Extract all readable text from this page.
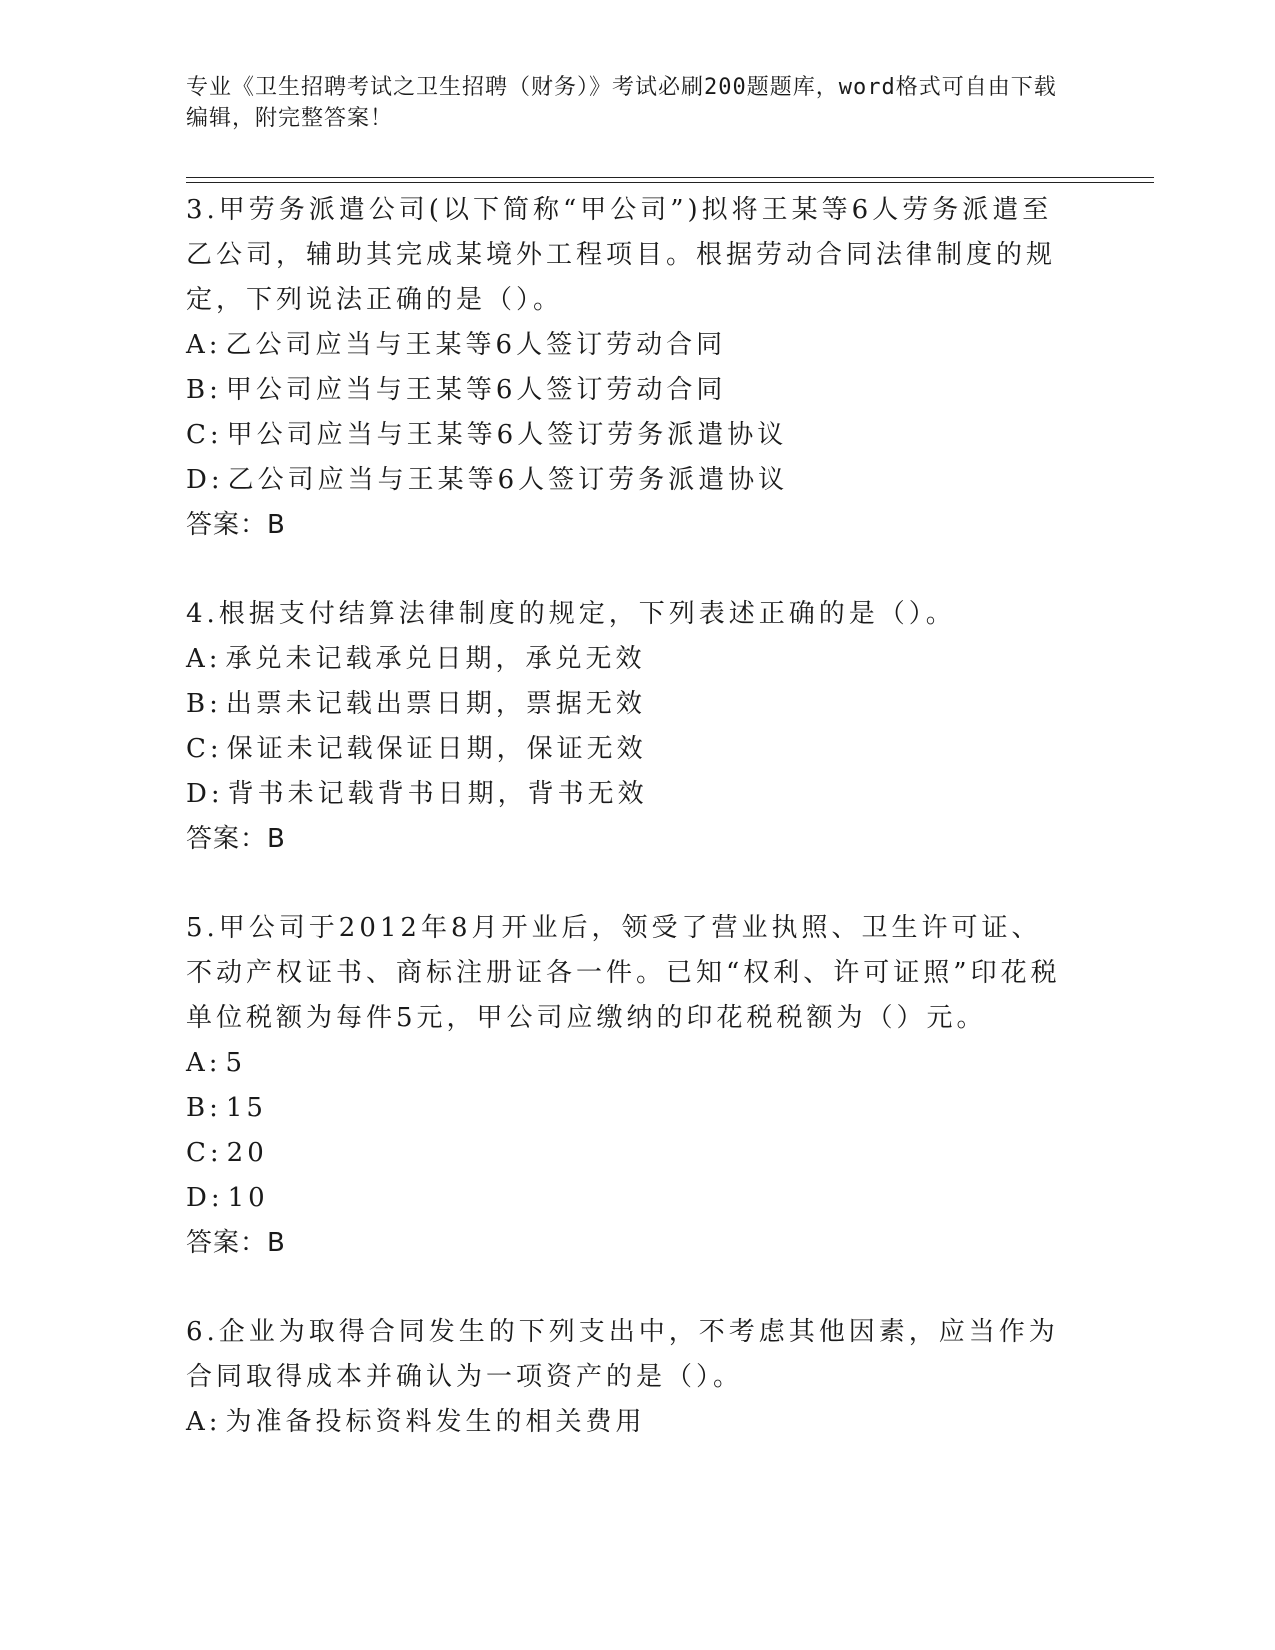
专业《卫生招聘考试之卫生招聘（财务）》考试必刷200题题库，word格式可自由下载编辑，附完整答案！

3.甲劳务派遣公司(以下简称“甲公司”)拟将王某等6人劳务派遣至乙公司，辅助其完成某境外工程项目。根据劳动合同法律制度的规定，下列说法正确的是（）。

A: 乙公司应当与王某等6人签订劳动合同
B: 甲公司应当与王某等6人签订劳动合同
C: 甲公司应当与王某等6人签订劳务派遣协议
D: 乙公司应当与王某等6人签订劳务派遣协议
答案：B

4.根据支付结算法律制度的规定，下列表述正确的是（）。

A: 承兑未记载承兑日期，承兑无效
B: 出票未记载出票日期，票据无效
C: 保证未记载保证日期，保证无效
D: 背书未记载背书日期，背书无效
答案：B

5.甲公司于2012年8月开业后，领受了营业执照、卫生许可证、不动产权证书、商标注册证各一件。已知“权利、许可证照”印花税单位税额为每件5元，甲公司应缴纳的印花税税额为（）元。

A: 5
B: 15
C: 20
D: 10
答案：B

6.企业为取得合同发生的下列支出中，不考虑其他因素，应当作为合同取得成本并确认为一项资产的是（）。

A: 为准备投标资料发生的相关费用
